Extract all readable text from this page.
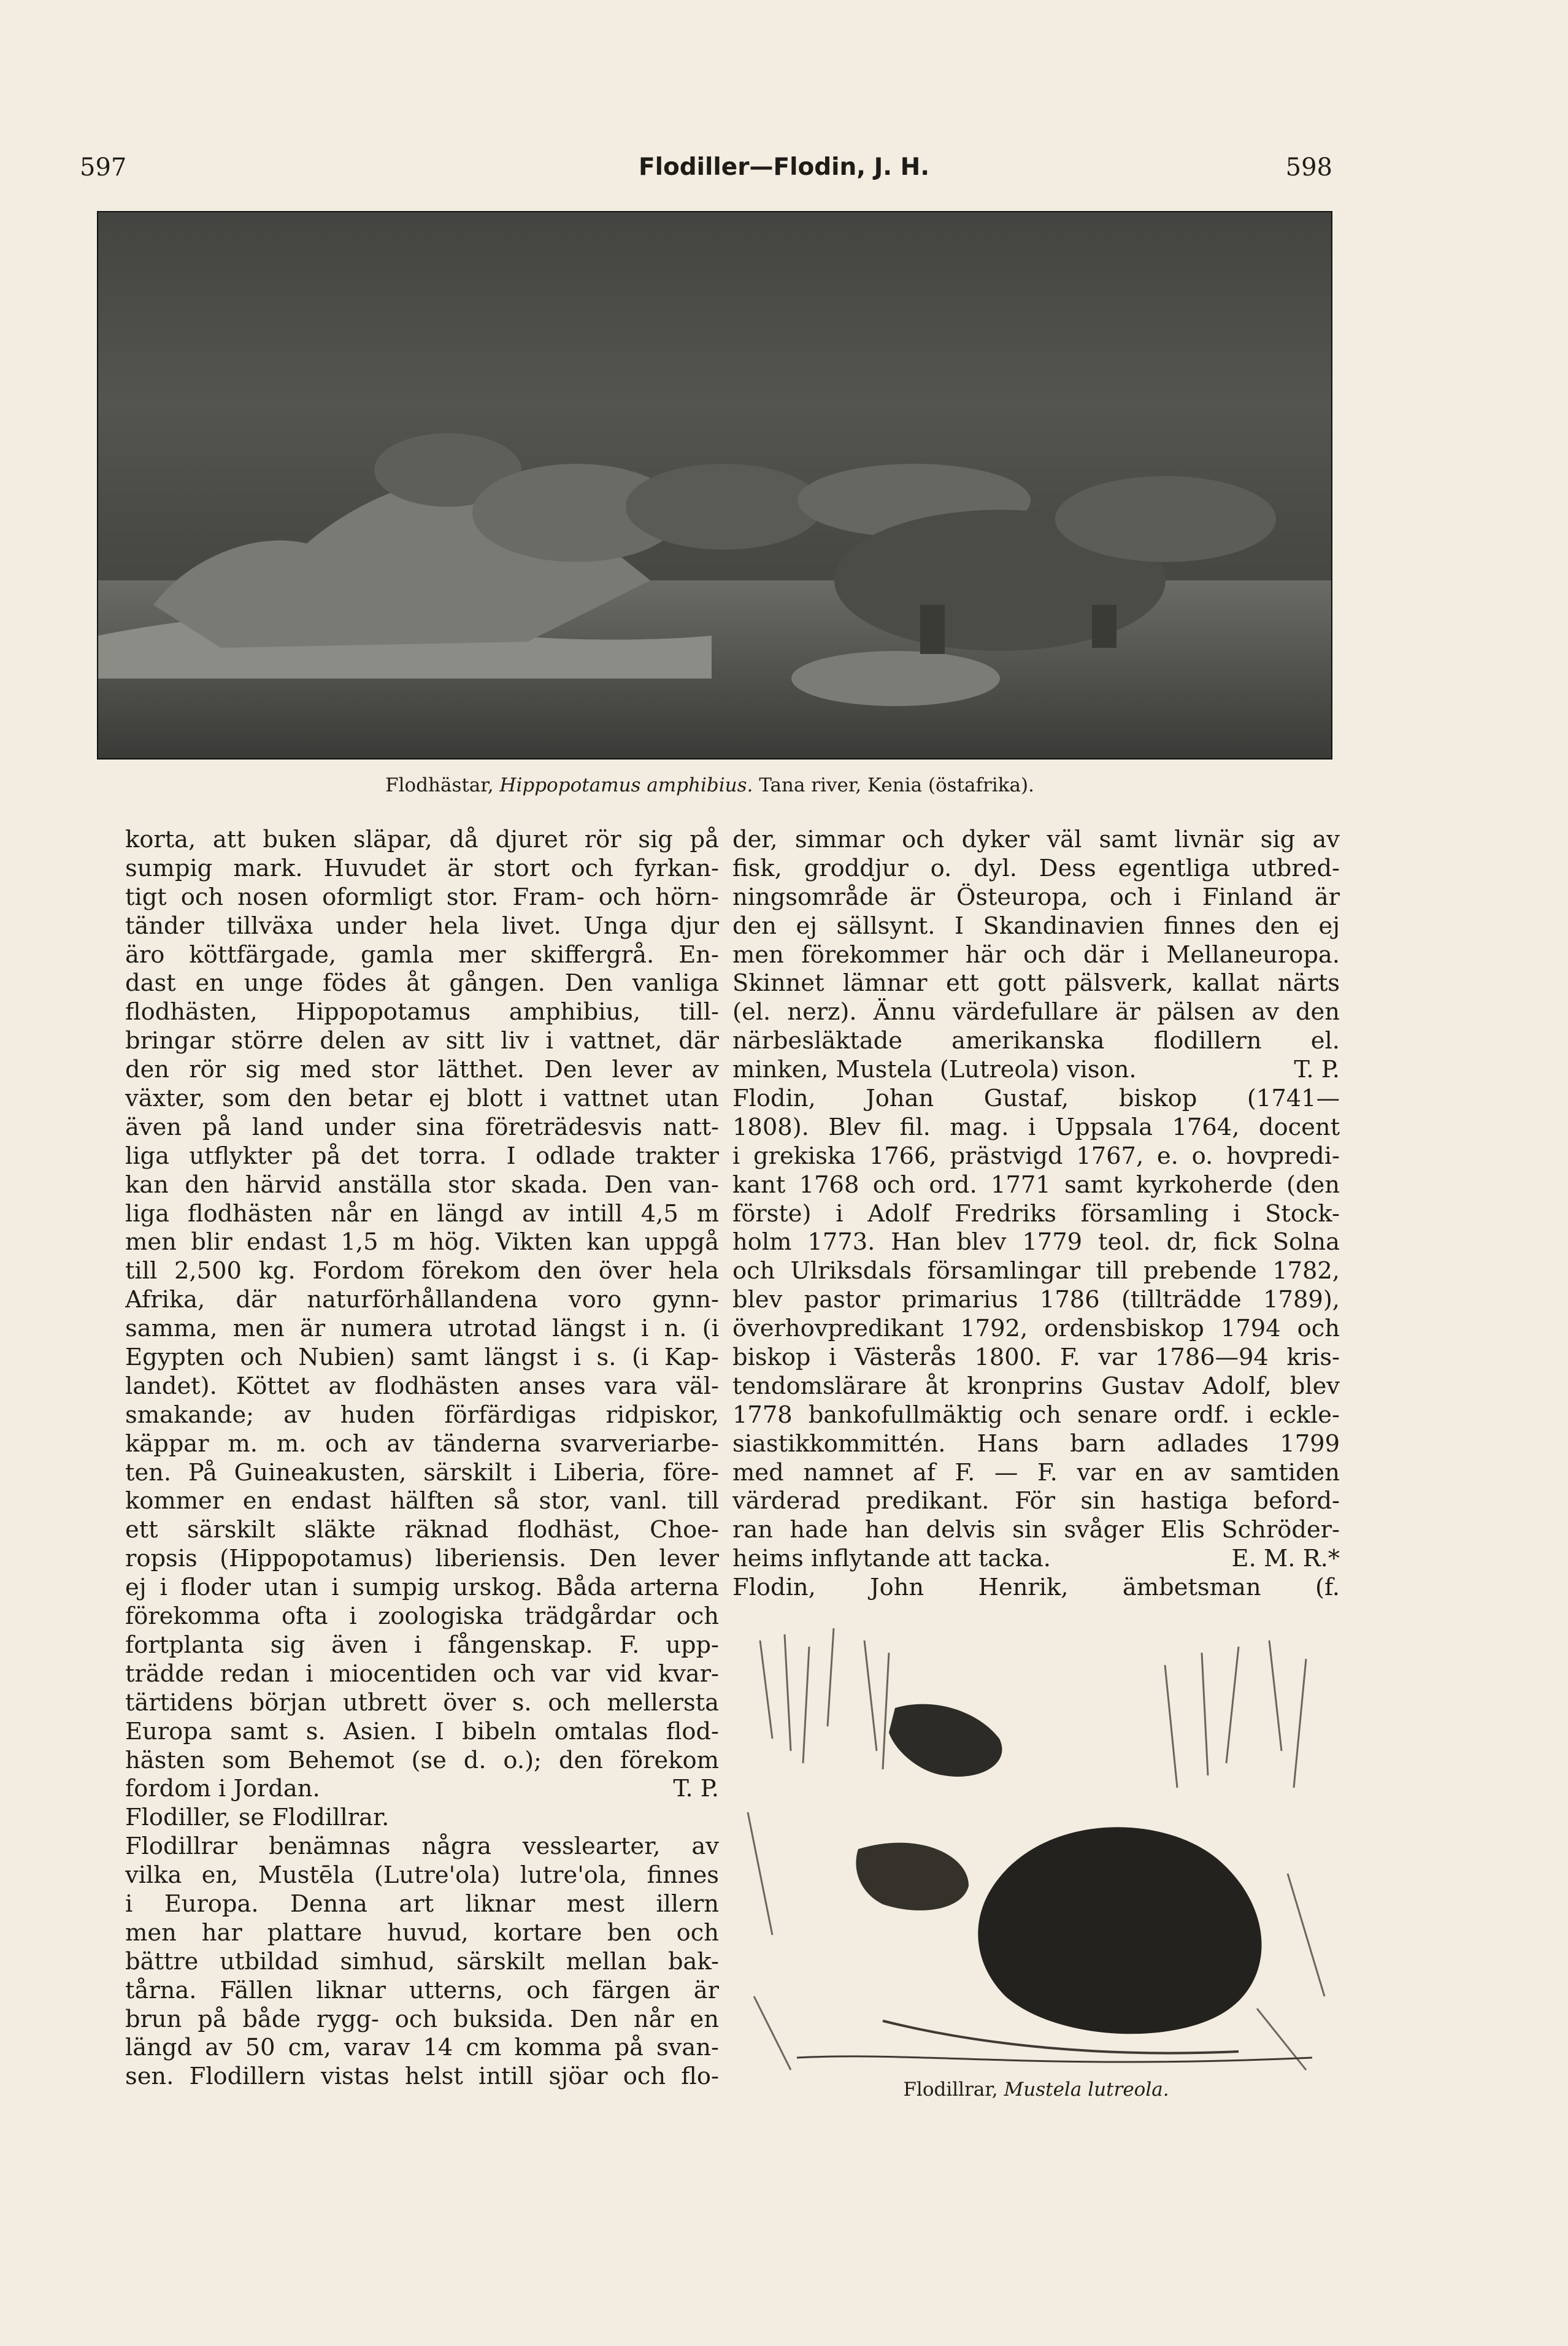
597	Flodiller—Flodin, J. H.	598
Flodhästar, Hippopotamus amphibius. Tana river, Kenia (östafrika).
korta, att buken släpar, då djuret rör sig på
sumpig mark. Huvudet är stort och fyrkan-
tigt och nosen oformligt stor. Fram- och hörn-
tänder tillväxa under hela livet. Unga djur
äro köttfärgade, gamla mer skiffergrå. En-
dast en unge födes åt gången. Den vanliga
flodhästen, Hippopotamus amphibius, till-
bringar större delen av sitt liv i vattnet, där
den rör sig med stor lätthet. Den lever av
växter, som den betar ej blott i vattnet utan
även på land under sina företrädesvis natt-
liga utflykter på det torra. I odlade trakter
kan den härvid anställa stor skada. Den van-
liga flodhästen når en längd av intill 4,5 m
men blir endast 1,5 m hög. Vikten kan uppgå
till 2,500 kg. Fordom förekom den över hela
Afrika, där naturförhållandena voro gynn-
samma, men är numera utrotad längst i n. (i
Egypten och Nubien) samt längst i s. (i Kap-
landet). Köttet av flodhästen anses vara väl-
smakande; av huden förfärdigas ridpiskor,
käppar m. m. och av tänderna svarveriarbe-
ten. På Guineakusten, särskilt i Liberia, före-
kommer en endast hälften så stor, vanl. till
ett särskilt släkte räknad flodhäst, Choe-
ropsis (Hippopotamus) liberiensis. Den lever
ej i floder utan i sumpig urskog. Båda arterna
förekomma ofta i zoologiska trädgårdar och
fortplanta sig även i fångenskap. F. upp-
trädde redan i miocentiden och var vid kvar-
tärtidens början utbrett över s. och mellersta
Europa samt s. Asien. I bibeln omtalas flod-
hästen som Behemot (se d. o.); den förekom
fordom i Jordan.	T. P.
Flodiller, se Flodillrar.
Flodillrar benämnas några vesslearter, av
vilka en, Mustēla (Lutre'ola) lutre'ola, finnes
i Europa. Denna art liknar mest illern
men har plattare huvud, kortare ben och
bättre utbildad simhud, särskilt mellan bak-
tårna. Fällen liknar utterns, och färgen är
brun på både rygg- och buksida. Den når en
längd av 50 cm, varav 14 cm komma på svan-
sen. Flodillern vistas helst intill sjöar och flo-
der, simmar och dyker väl samt livnär sig av
fisk, groddjur o. dyl. Dess egentliga utbred-
ningsområde är Östeuropa, och i Finland är
den ej sällsynt. I Skandinavien finnes den ej
men förekommer här och där i Mellaneuropa.
Skinnet lämnar ett gott pälsverk, kallat närts
(el. nerz). Ännu värdefullare är pälsen av den
närbesläktade amerikanska flodillern el.
minken, Mustela (Lutreola) vison.	T. P.
Flodin, Johan Gustaf, biskop (1741—
1808). Blev fil. mag. i Uppsala 1764, docent
i grekiska 1766, prästvigd 1767, e. o. hovpredi-
kant 1768 och ord. 1771 samt kyrkoherde (den
förste) i Adolf Fredriks församling i Stock-
holm 1773. Han blev 1779 teol. dr, fick Solna
och Ulriksdals församlingar till prebende 1782,
blev pastor primarius 1786 (tillträdde 1789),
överhovpredikant 1792, ordensbiskop 1794 och
biskop i Västerås 1800. F. var 1786—94 kris-
tendomslärare åt kronprins Gustav Adolf, blev
1778 bankofullmäktig och senare ordf. i eckle-
siastikkommittén. Hans barn adlades 1799
med namnet af F. — F. var en av samtiden
värderad predikant. För sin hastiga beford-
ran hade han delvis sin svåger Elis Schröder-
heims inflytande att tacka.	E. M. R.*
Flodin, John Henrik, ämbetsman (f.
Flodillrar, Mustela lutreola.
